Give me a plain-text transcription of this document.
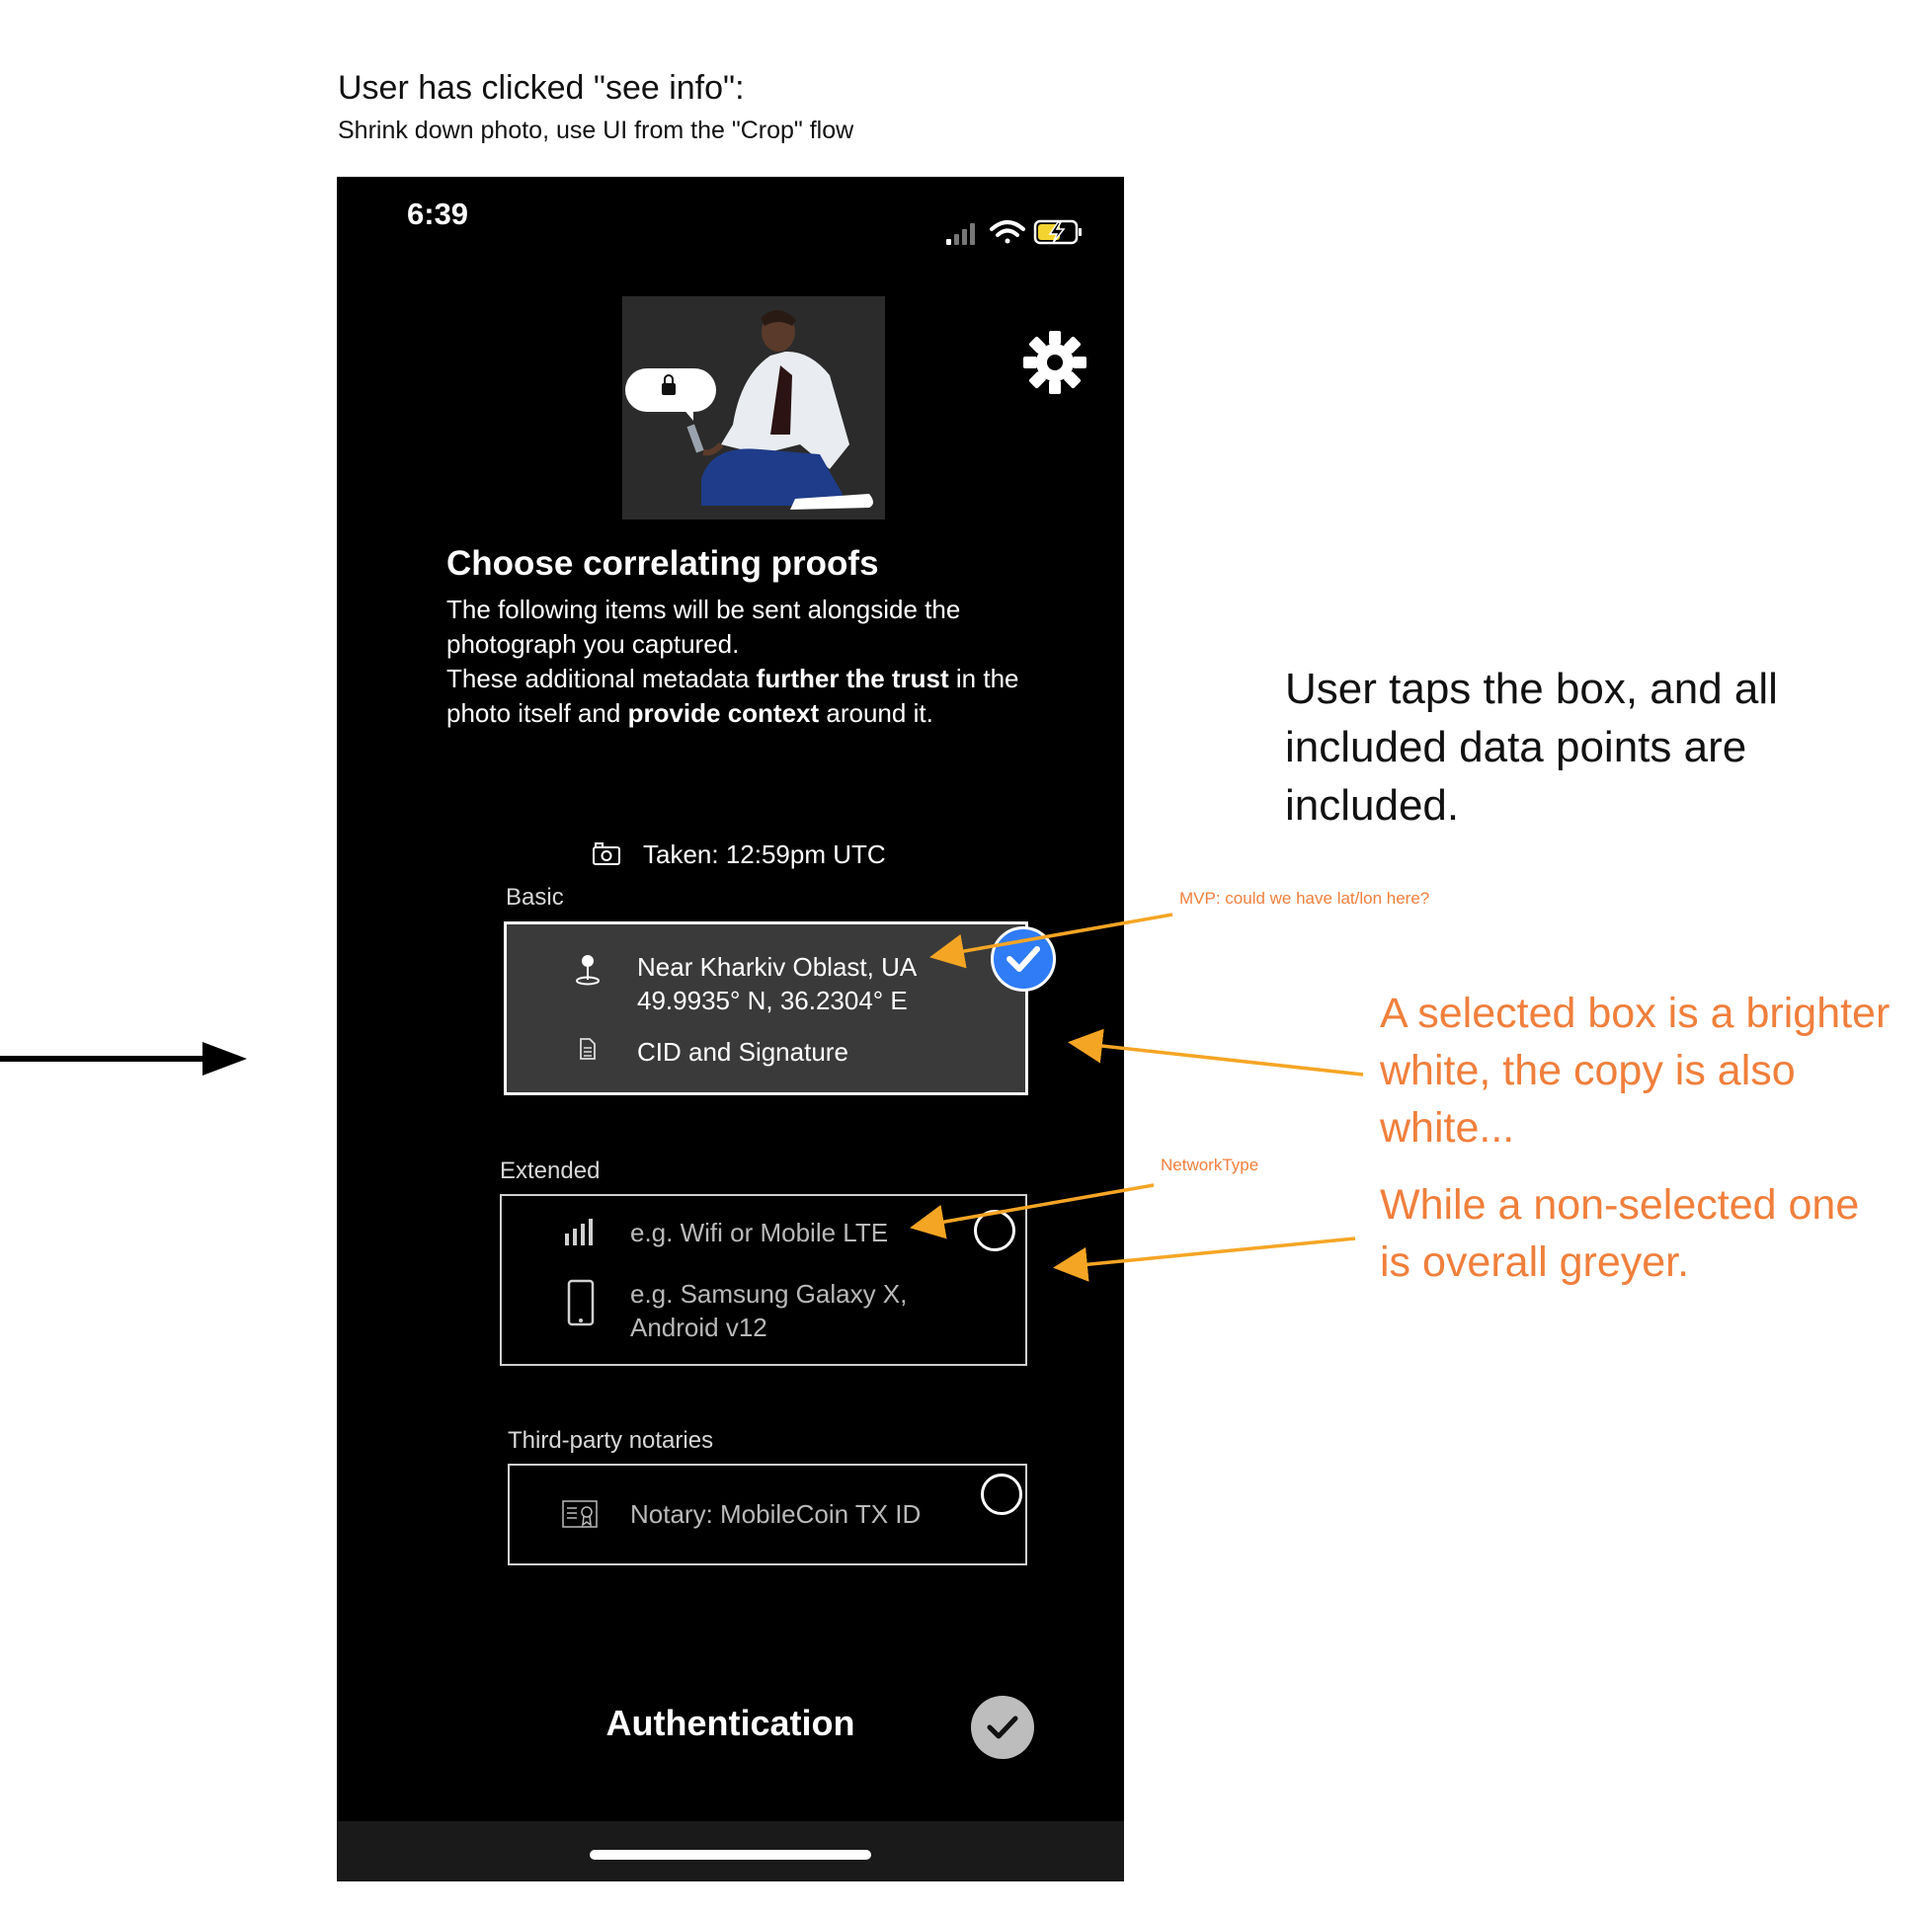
User has clicked "see info":
Shrink down photo, use UI from the "Crop" flow
User taps the box, and all included data points are included.
MVP: could we have lat/lon here?
NetworkType
A selected box is a brighter white, the copy is also white...
While a non-selected one is overall greyer.
6:39
Choose correlating proofs
The following items will be sent alongside the photograph you captured.
These additional metadata further the trust in the photo itself and provide context around it.
Taken: 12:59pm UTC
Basic
Near Kharkiv Oblast, UA
49.9935° N, 36.2304° E
CID and Signature
Extended
e.g. Wifi or Mobile LTE
e.g. Samsung Galaxy X,
Android v12
Third-party notaries
Notary: MobileCoin TX ID
Authentication
